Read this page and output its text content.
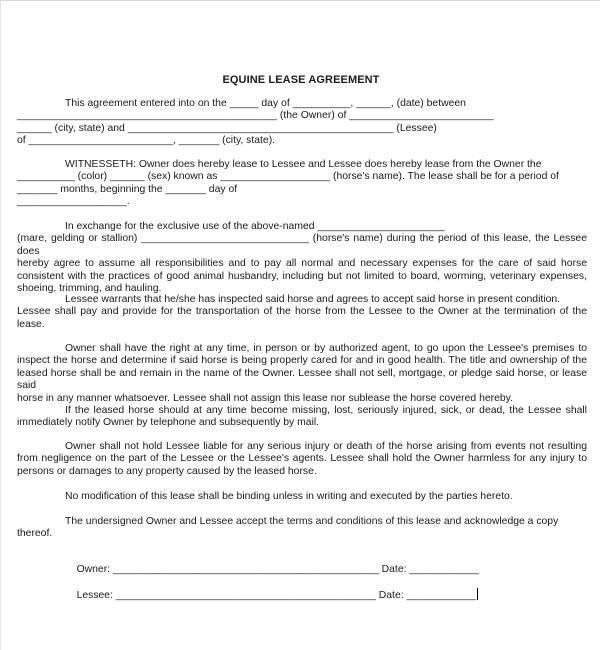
EQUINE LEASE AGREEMENT
This agreement entered into on the _____ day of __________, ______, (date) between
_____________________________________________ (the Owner) of _________________________
______ (city, state) and ______________________________________________ (Lessee)
of _________________________, _______ (city, state).
WITNESSETH: Owner does hereby lease to Lessee and Lessee does hereby lease from the Owner the
__________ (color) ______ (sex) known as ___________________ (horse's name). The lease shall be for a period of
_______ months, beginning the _______ day of
___________________.
In exchange for the exclusive use of the above-named ______________________
(mare, gelding or stallion) _____________________________ (horse's name) during the period of this lease, the Lessee does
hereby agree to assume all responsibilities and to pay all normal and necessary expenses for the care of said horse
consistent with the practices of good animal husbandry, including but not limited to board, worming, veterinary expenses,
shoeing, trimming, and hauling.
Lessee warrants that he/she has inspected said horse and agrees to accept said horse in present condition.
Lessee shall pay and provide for the transportation of the horse from the Lessee to the Owner at the termination of the
lease.
Owner shall have the right at any time, in person or by authorized agent, to go upon the Lessee's premises to
inspect the horse and determine if said horse is being properly cared for and in good health. The title and ownership of the
leased horse shall be and remain in the name of the Owner. Lessee shall not sell, mortgage, or pledge said horse, or lease said
horse in any manner whatsoever. Lessee shall not assign this lease nor sublease the horse covered hereby.
If the leased horse should at any time become missing, lost, seriously injured, sick, or dead, the Lessee shall
immediately notify Owner by telephone and subsequently by mail.
Owner shall not hold Lessee liable for any serious injury or death of the horse arising from events not resulting
from negligence on the part of the Lessee or the Lessee's agents. Lessee shall hold the Owner harmless for any injury to
persons or damages to any property caused by the leased horse.
No modification of this lease shall be binding unless in writing and executed by the parties hereto.
The undersigned Owner and Lessee accept the terms and conditions of this lease and acknowledge a copy
thereof.

Owner: ______________________________________________ Date: ____________

Lessee: _____________________________________________ Date: ____________
